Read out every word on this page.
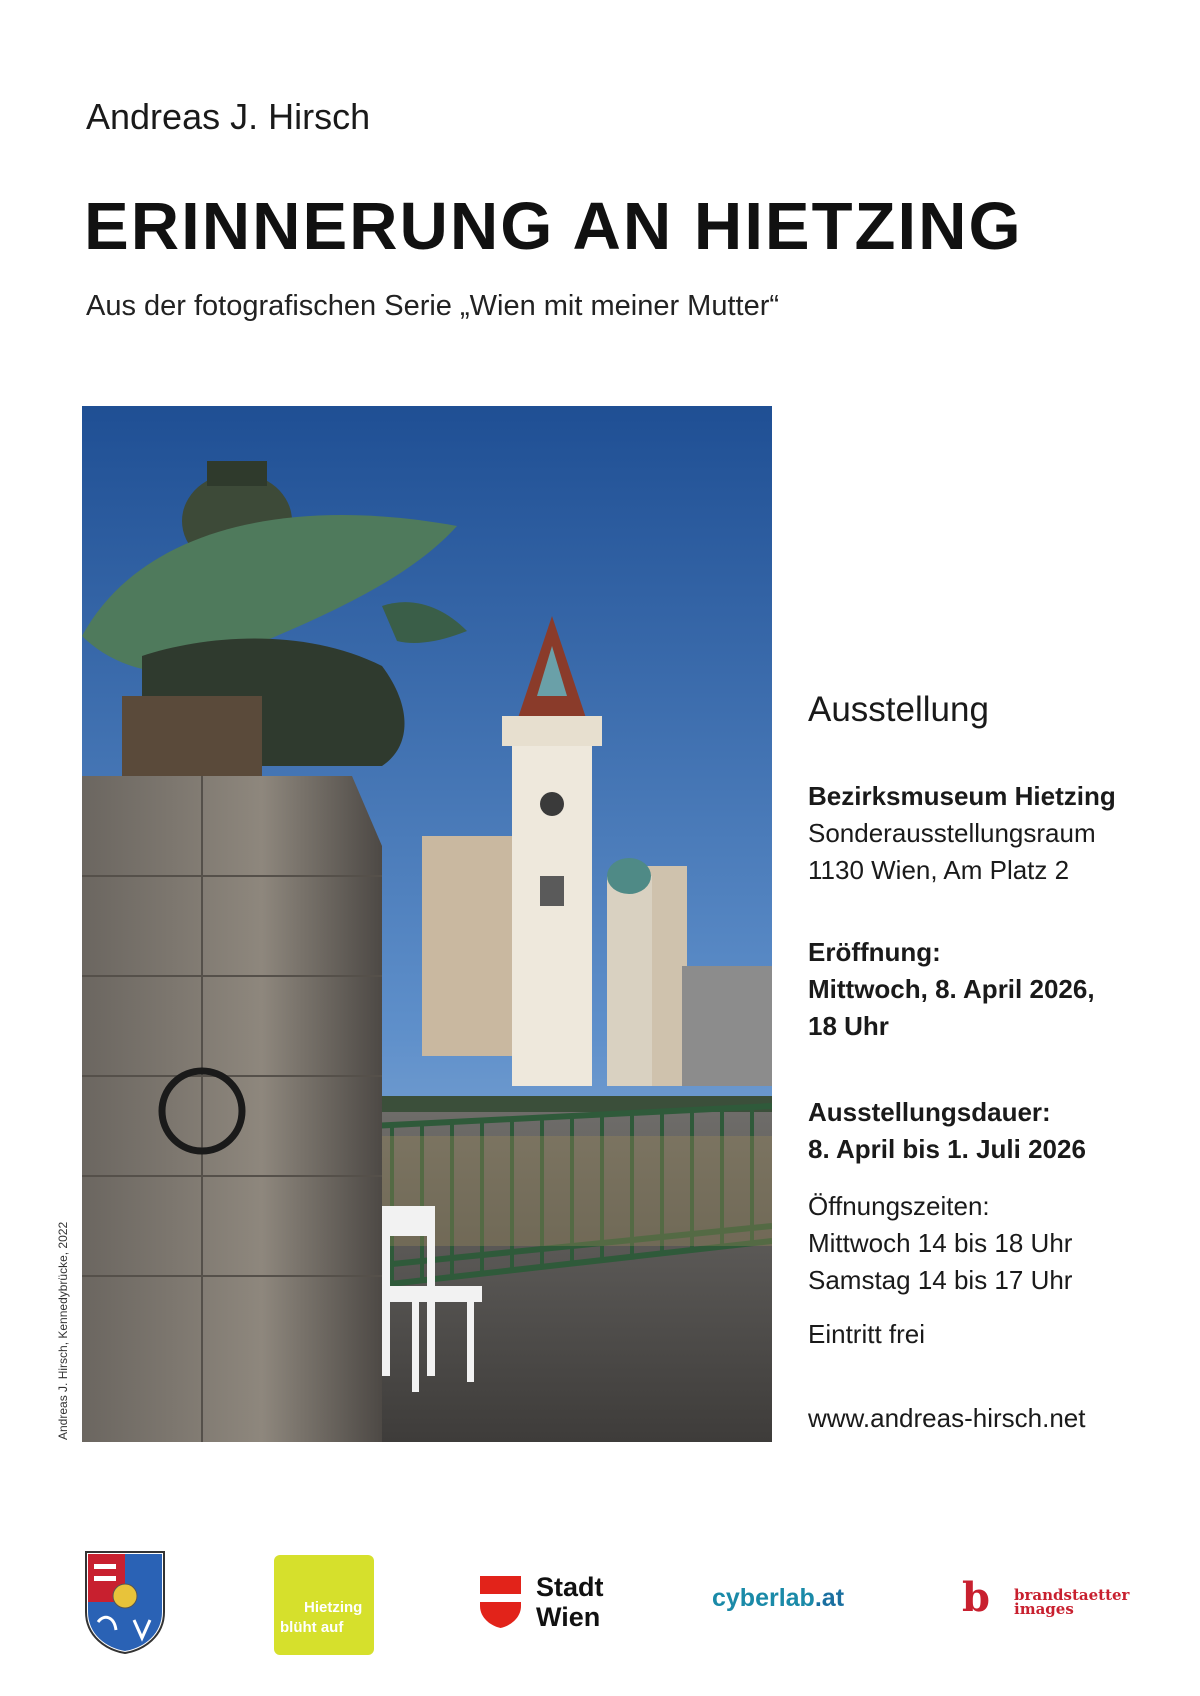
Andreas J. Hirsch
ERINNERUNG AN HIETZING
Aus der fotografischen Serie „Wien mit meiner Mutter“
Andreas J. Hirsch, Kennedybrücke, 2022
Ausstellung
Bezirksmuseum Hietzing
Sonderausstellungsraum
1130 Wien, Am Platz 2
Eröffnung:
Mittwoch, 8. April 2026,
18 Uhr
Ausstellungsdauer:
8. April bis 1. Juli 2026
Öffnungszeiten:
Mittwoch 14 bis 18 Uhr
Samstag 14 bis 17 Uhr
Eintritt frei
www.andreas-hirsch.net
Hietzing
blüht auf
Stadt
Wien
cyberlab.at	b brandstaetter
images
